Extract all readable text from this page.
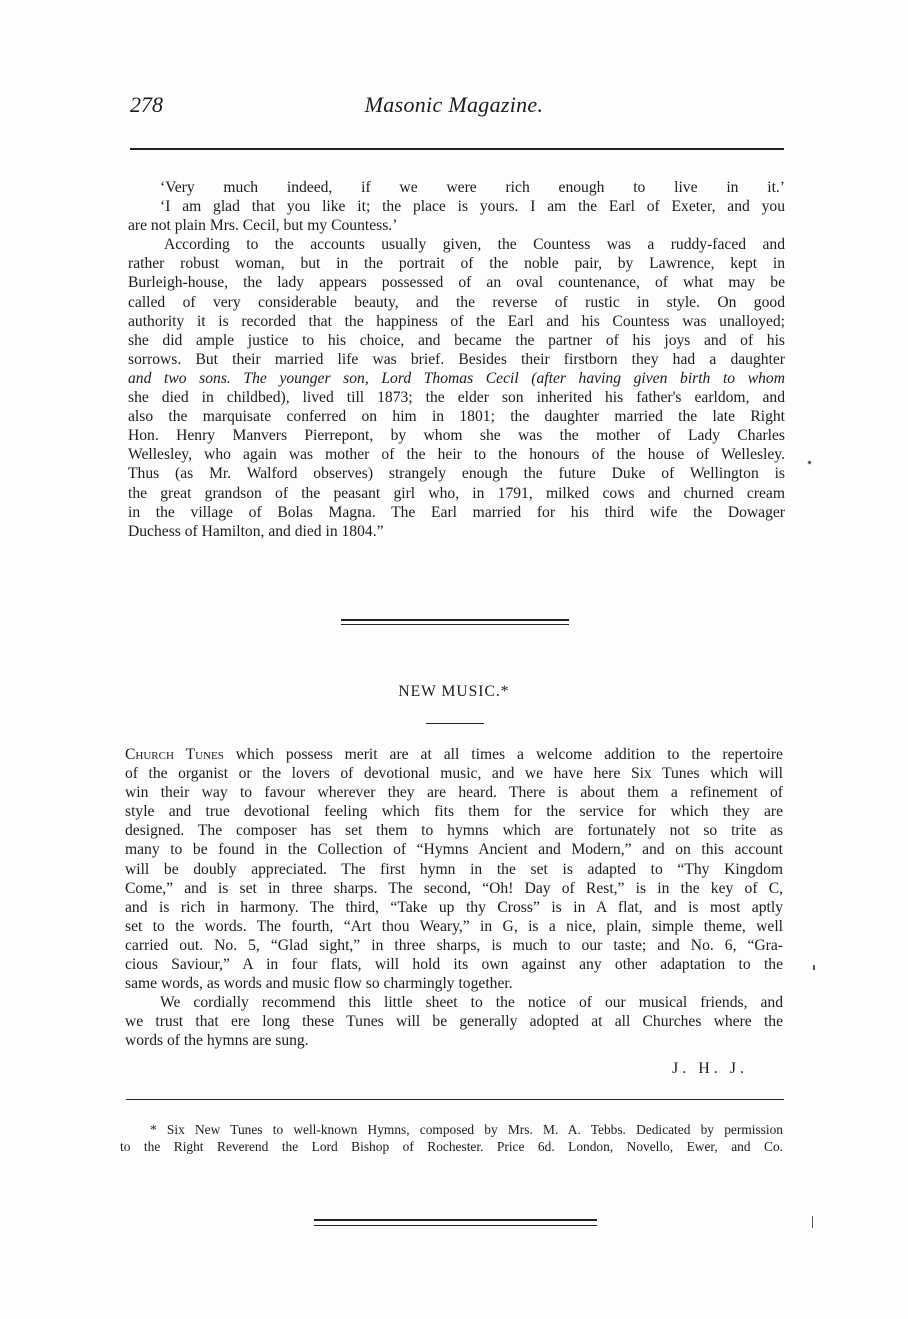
278	Masonic Magazine.
‘Very much indeed, if we were rich enough to live in it.’
‘I am glad that you like it; the place is yours. I am the Earl of Exeter, and you
are not plain Mrs. Cecil, but my Countess.’
According to the accounts usually given, the Countess was a ruddy-faced and
rather robust woman, but in the portrait of the noble pair, by Lawrence, kept in
Burleigh-house, the lady appears possessed of an oval countenance, of what may be
called of very considerable beauty, and the reverse of rustic in style. On good
authority it is recorded that the happiness of the Earl and his Countess was unalloyed;
she did ample justice to his choice, and became the partner of his joys and of his
sorrows. But their married life was brief. Besides their firstborn they had a daughter
and two sons. The younger son, Lord Thomas Cecil (after having given birth to whom
she died in childbed), lived till 1873; the elder son inherited his father's earldom, and
also the marquisate conferred on him in 1801; the daughter married the late Right
Hon. Henry Manvers Pierrepont, by whom she was the mother of Lady Charles
Wellesley, who again was mother of the heir to the honours of the house of Wellesley.
Thus (as Mr. Walford observes) strangely enough the future Duke of Wellington is
the great grandson of the peasant girl who, in 1791, milked cows and churned cream
in the village of Bolas Magna. The Earl married for his third wife the Dowager
Duchess of Hamilton, and died in 1804.”
NEW MUSIC.*
Church Tunes which possess merit are at all times a welcome addition to the repertoire
of the organist or the lovers of devotional music, and we have here Six Tunes which will
win their way to favour wherever they are heard. There is about them a refinement of
style and true devotional feeling which fits them for the service for which they are
designed. The composer has set them to hymns which are fortunately not so trite as
many to be found in the Collection of “Hymns Ancient and Modern,” and on this account
will be doubly appreciated. The first hymn in the set is adapted to “Thy Kingdom
Come,” and is set in three sharps. The second, “Oh! Day of Rest,” is in the key of C,
and is rich in harmony. The third, “Take up thy Cross” is in A flat, and is most aptly
set to the words. The fourth, “Art thou Weary,” in G, is a nice, plain, simple theme, well
carried out. No. 5, “Glad sight,” in three sharps, is much to our taste; and No. 6, “Gra-
cious Saviour,” A in four flats, will hold its own against any other adaptation to the
same words, as words and music flow so charmingly together.
We cordially recommend this little sheet to the notice of our musical friends, and
we trust that ere long these Tunes will be generally adopted at all Churches where the
words of the hymns are sung.
J. H. J.
* Six New Tunes to well-known Hymns, composed by Mrs. M. A. Tebbs. Dedicated by permission
to the Right Reverend the Lord Bishop of Rochester. Price 6d. London, Novello, Ewer, and Co.
